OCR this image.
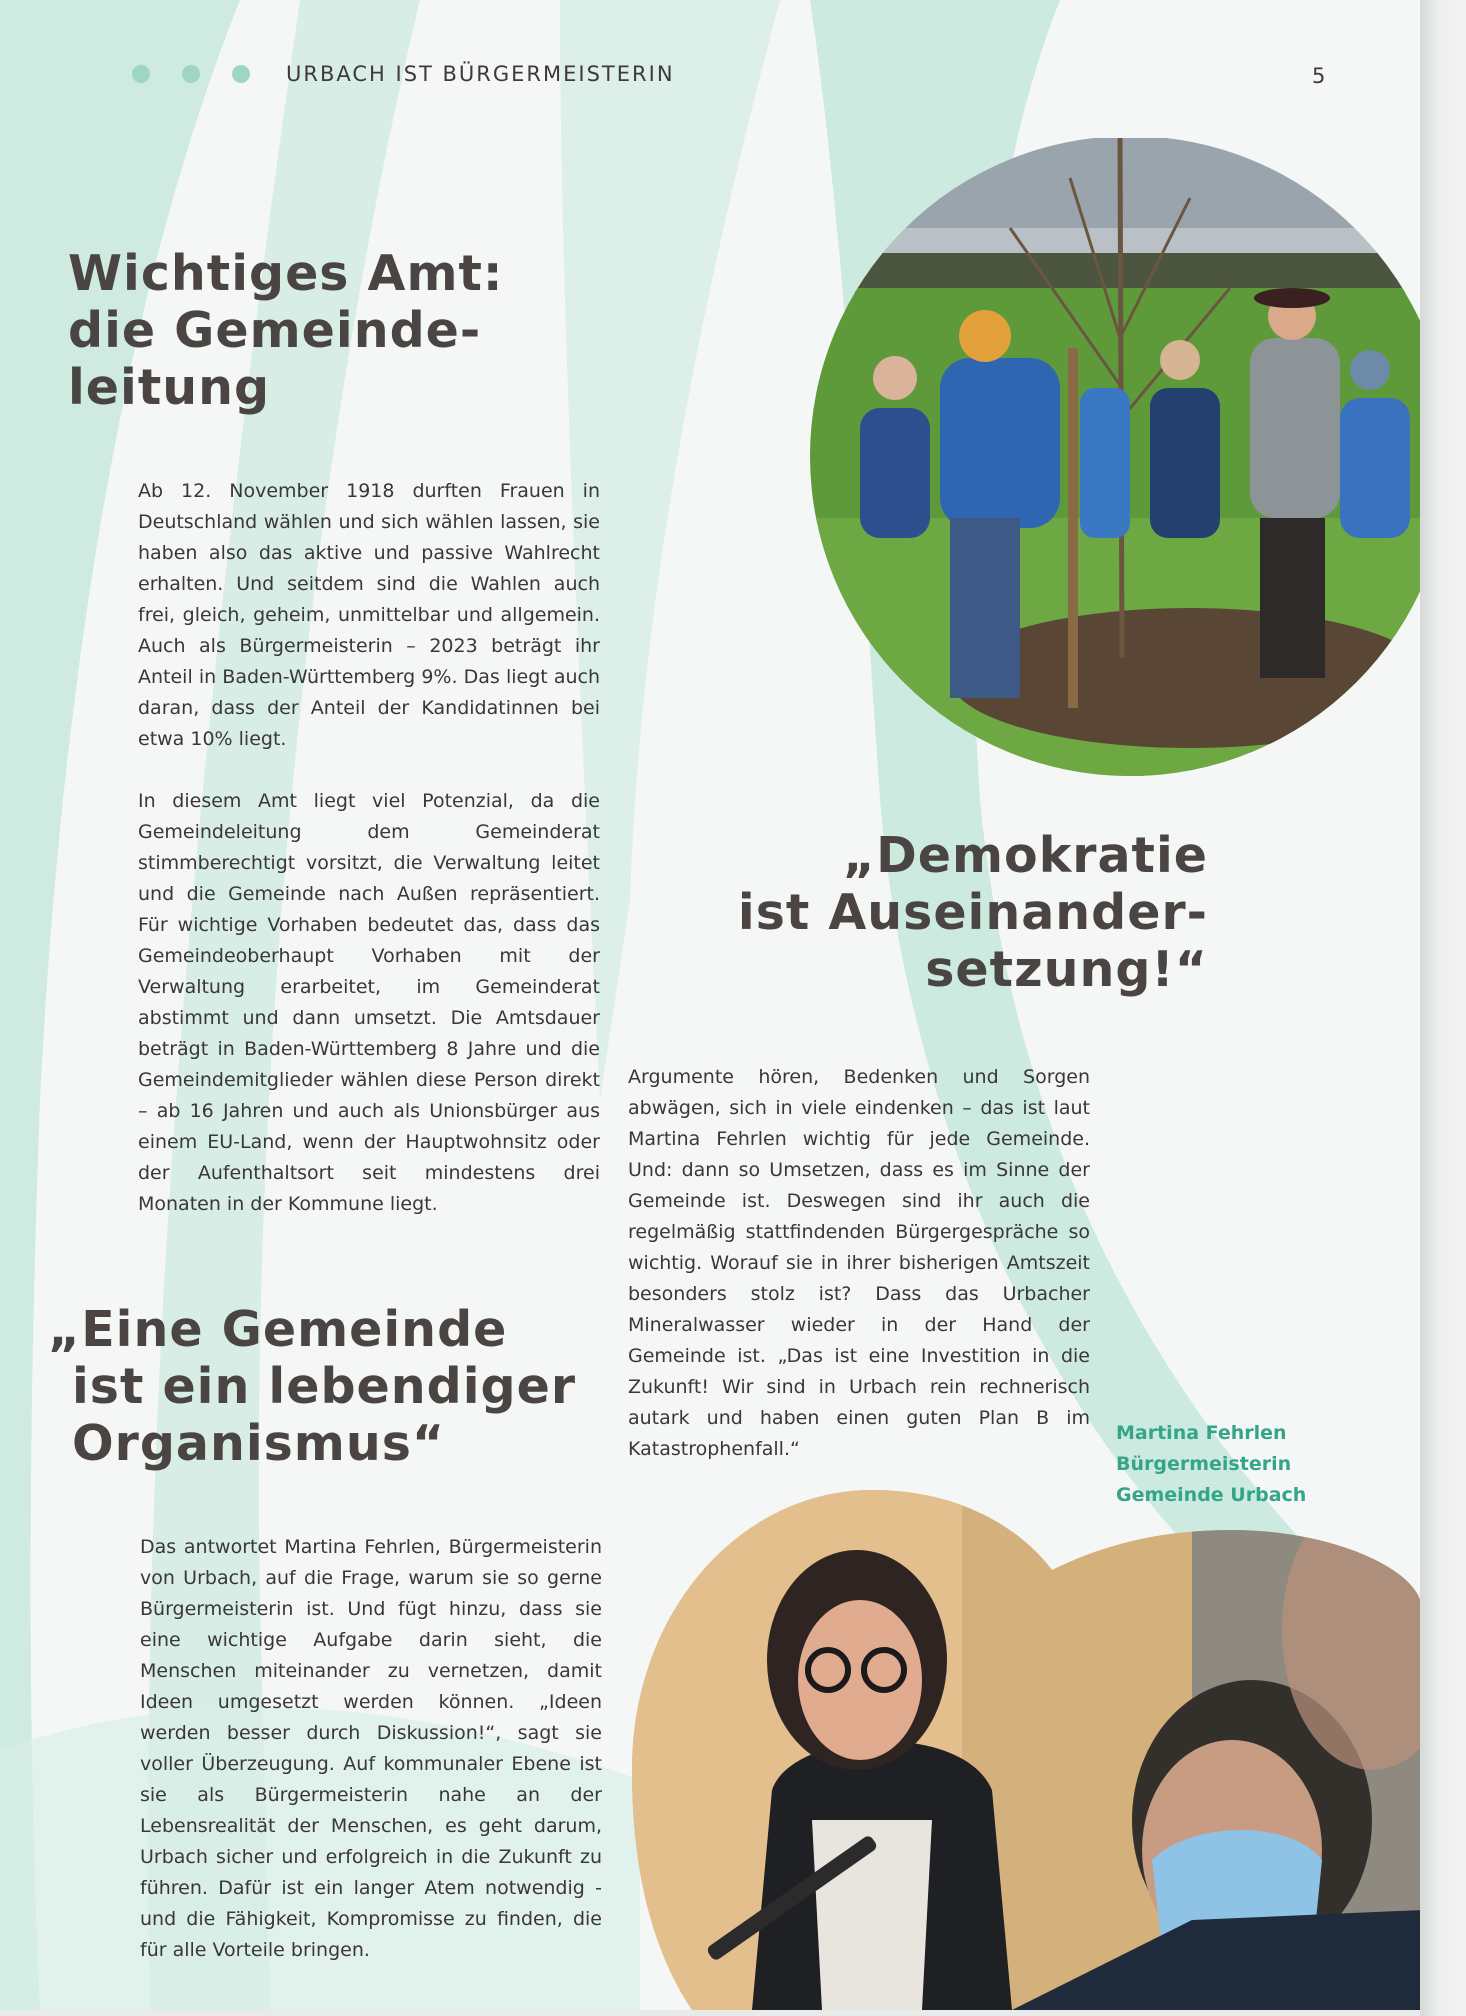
URBACH IST BÜRGERMEISTERIN	5
Wichtiges Amt:
die Gemeinde-
leitung
Ab 12. November 1918 durften Frauen in Deutschland wählen und sich wählen lassen, sie haben also das aktive und passive Wahlrecht erhalten. Und seitdem sind die Wahlen auch frei, gleich, geheim, unmittelbar und allgemein. Auch als Bürgermeisterin – 2023 beträgt ihr Anteil in Baden-Württemberg 9%. Das liegt auch daran, dass der Anteil der Kandidatinnen bei etwa 10% liegt.
In diesem Amt liegt viel Potenzial, da die Gemeindeleitung dem Gemeinderat stimmberechtigt vorsitzt, die Verwaltung leitet und die Gemeinde nach Außen repräsentiert. Für wichtige Vorhaben bedeutet das, dass das Gemeindeoberhaupt Vorhaben mit der Verwaltung erarbeitet, im Gemeinderat abstimmt und dann umsetzt. Die Amtsdauer beträgt in Baden-Württemberg 8 Jahre und die Gemeindemitglieder wählen diese Person direkt – ab 16 Jahren und auch als Unionsbürger aus einem EU-Land, wenn der Hauptwohnsitz oder der Aufenthaltsort seit mindestens drei Monaten in der Kommune liegt.
„Demokratie
ist Auseinander-
setzung!“
Argumente hören, Bedenken und Sorgen abwägen, sich in viele eindenken – das ist laut Martina Fehrlen wichtig für jede Gemeinde. Und: dann so Umsetzen, dass es im Sinne der Gemeinde ist. Deswegen sind ihr auch die regelmäßig stattfindenden Bürgergespräche so wichtig. Worauf sie in ihrer bisherigen Amtszeit besonders stolz ist? Dass das Urbacher Mineralwasser wieder in der Hand der Gemeinde ist. „Das ist eine Investition in die Zukunft! Wir sind in Urbach rein rechnerisch autark und haben einen guten Plan B im Katastrophenfall.“
Martina Fehrlen
Bürgermeisterin
Gemeinde Urbach
„Eine Gemeinde
ist ein lebendiger
Organismus“
Das antwortet Martina Fehrlen, Bürgermeisterin von Urbach, auf die Frage, warum sie so gerne Bürgermeisterin ist. Und fügt hinzu, dass sie eine wichtige Aufgabe darin sieht, die Menschen miteinander zu vernetzen, damit Ideen umgesetzt werden können. „Ideen werden besser durch Diskussion!“, sagt sie voller Überzeugung. Auf kommunaler Ebene ist sie als Bürgermeisterin nahe an der Lebensrealität der Menschen, es geht darum, Urbach sicher und erfolgreich in die Zukunft zu führen. Dafür ist ein langer Atem notwendig - und die Fähigkeit, Kompromisse zu finden, die für alle Vorteile bringen.
